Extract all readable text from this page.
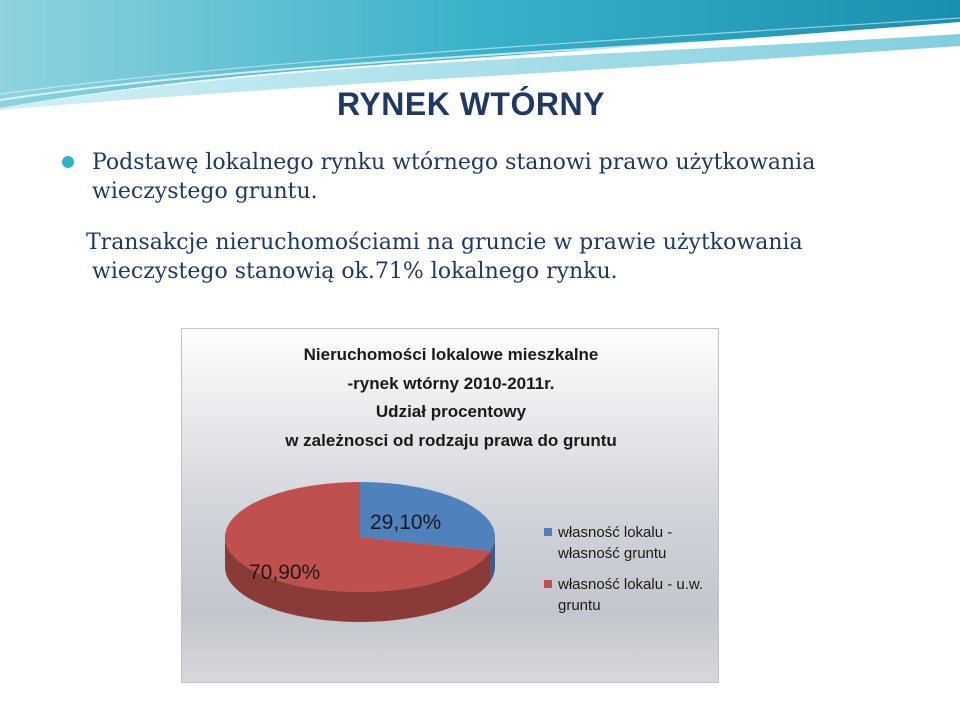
RYNEK WTÓRNY
Podstawę lokalnego rynku wtórnego stanowi prawo użytkowania
wieczystego gruntu.
Transakcje nieruchomościami na gruncie w prawie użytkowania
wieczystego stanowią ok.71% lokalnego rynku.
Nieruchomości lokalowe mieszkalne
-rynek wtórny 2010-2011r.
Udział procentowy
w zależnosci od rodzaju prawa do gruntu
29,10%
70,90%
własność lokalu -
własność gruntu
własność lokalu - u.w.
gruntu
